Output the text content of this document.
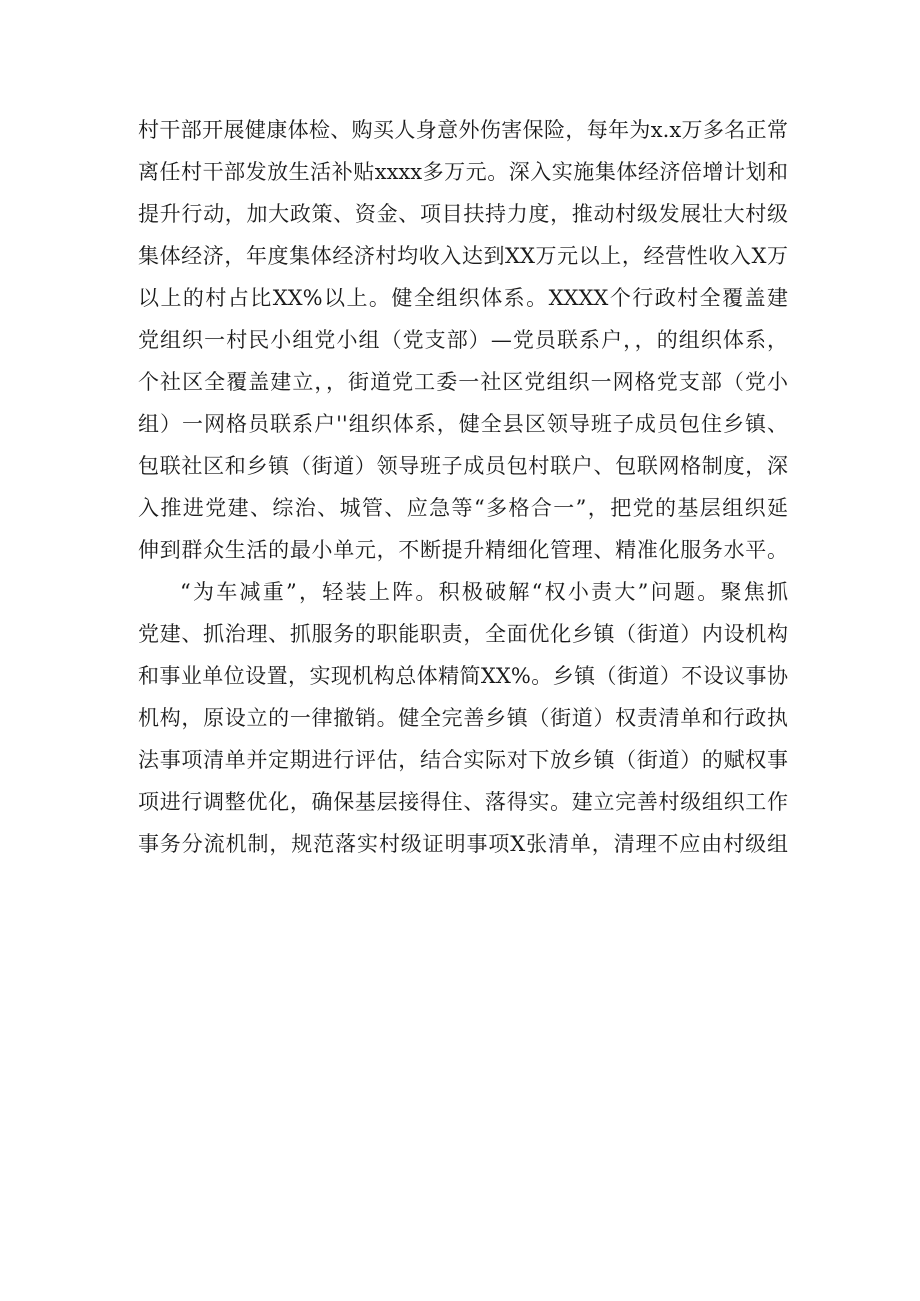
村干部开展健康体检、购买人身意外伤害保险，每年为x.x万多名正常
离任村干部发放生活补贴xxxx多万元。深入实施集体经济倍增计划和
提升行动，加大政策、资金、项目扶持力度，推动村级发展壮大村级
集体经济，年度集体经济村均收入达到XX万元以上，经营性收入X万
以上的村占比XX%以上。健全组织体系。XXXX个行政村全覆盖建
党组织一村民小组党小组（党支部）—党员联系户，，的组织体系，
个社区全覆盖建立，，街道党工委一社区党组织一网格党支部（党小
组）一网格员联系户''组织体系，健全县区领导班子成员包住乡镇、
包联社区和乡镇（街道）领导班子成员包村联户、包联网格制度，深
入推进党建、综治、城管、应急等“多格合一”，把党的基层组织延
伸到群众生活的最小单元，不断提升精细化管理、精准化服务水平。
“为车减重”，轻装上阵。积极破解“权小责大”问题。聚焦抓
党建、抓治理、抓服务的职能职责，全面优化乡镇（街道）内设机构
和事业单位设置，实现机构总体精简XX%。乡镇（街道）不设议事协
机构，原设立的一律撤销。健全完善乡镇（街道）权责清单和行政执
法事项清单并定期进行评估，结合实际对下放乡镇（街道）的赋权事
项进行调整优化，确保基层接得住、落得实。建立完善村级组织工作
事务分流机制，规范落实村级证明事项X张清单，清理不应由村级组
